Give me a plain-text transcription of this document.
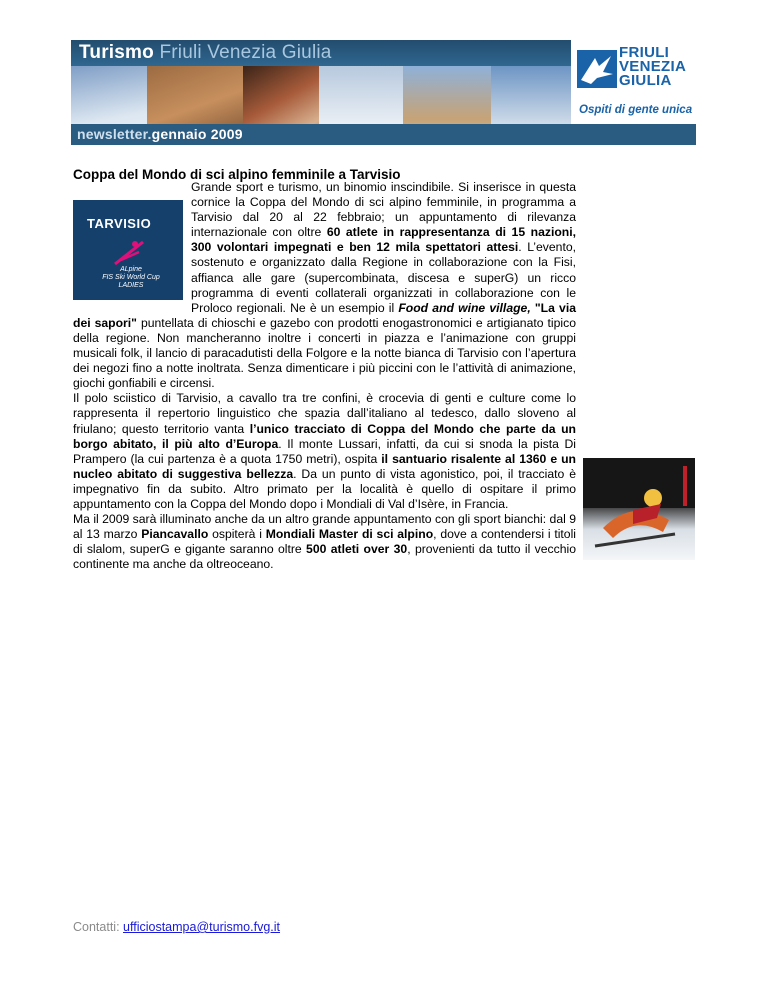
Turismo Friuli Venezia Giulia	FRIULI
VENEZIA
GIULIA
Ospiti di gente unica
newsletter.gennaio 2009
Coppa del Mondo di sci alpino femminile a Tarvisio
TARVISIO
ALpine
FIS Ski World Cup
LADIES

Grande sport e turismo, un binomio inscindibile. Si inserisce in questa cornice la Coppa del Mondo di sci alpino femminile, in programma a Tarvisio dal 20 al 22 febbraio; un appuntamento di rilevanza internazionale con oltre 60 atlete in rappresentanza di 15 nazioni, 300 volontari impegnati e ben 12 mila spettatori attesi. L’evento, sostenuto e organizzato dalla Regione in collaborazione con la Fisi, affianca alle gare (supercombinata, discesa e superG) un ricco programma di eventi collaterali organizzati in collaborazione con le Proloco regionali. Ne è un esempio il Food and wine village, "La via dei sapori" puntellata di chioschi e gazebo con prodotti enogastronomici e artigianato tipico della regione. Non mancheranno inoltre i concerti in piazza e l’animazione con gruppi musicali folk, il lancio di paracadutisti della Folgore e la notte bianca di Tarvisio con l’apertura dei negozi fino a notte inoltrata. Senza dimenticare i più piccini con le l’attività di animazione, giochi gonfiabili e circensi.

Il polo sciistico di Tarvisio, a cavallo tra tre confini, è crocevia di genti e culture come lo rappresenta il repertorio linguistico che spazia dall’italiano al tedesco, dallo sloveno al friulano; questo territorio vanta l’unico tracciato di Coppa del Mondo che parte da un borgo abitato, il più alto d’Europa. Il monte Lussari, infatti, da cui si snoda la pista Di Prampero (la cui partenza è a quota 1750 metri), ospita il santuario risalente al 1360 e un nucleo abitato di suggestiva bellezza. Da un punto di vista agonistico, poi, il tracciato è impegnativo fin da subito. Altro primato per la località è quello di ospitare il primo appuntamento con la Coppa del Mondo dopo i Mondiali di Val d’Isère, in Francia.

Ma il 2009 sarà illuminato anche da un altro grande appuntamento con gli sport bianchi: dal 9 al 13 marzo Piancavallo ospiterà i Mondiali Master di sci alpino, dove a contendersi i titoli di slalom, superG e gigante saranno oltre 500 atleti over 30, provenienti da tutto il vecchio continente ma anche da oltreoceano.

Contatti: ufficiostampa@turismo.fvg.it
